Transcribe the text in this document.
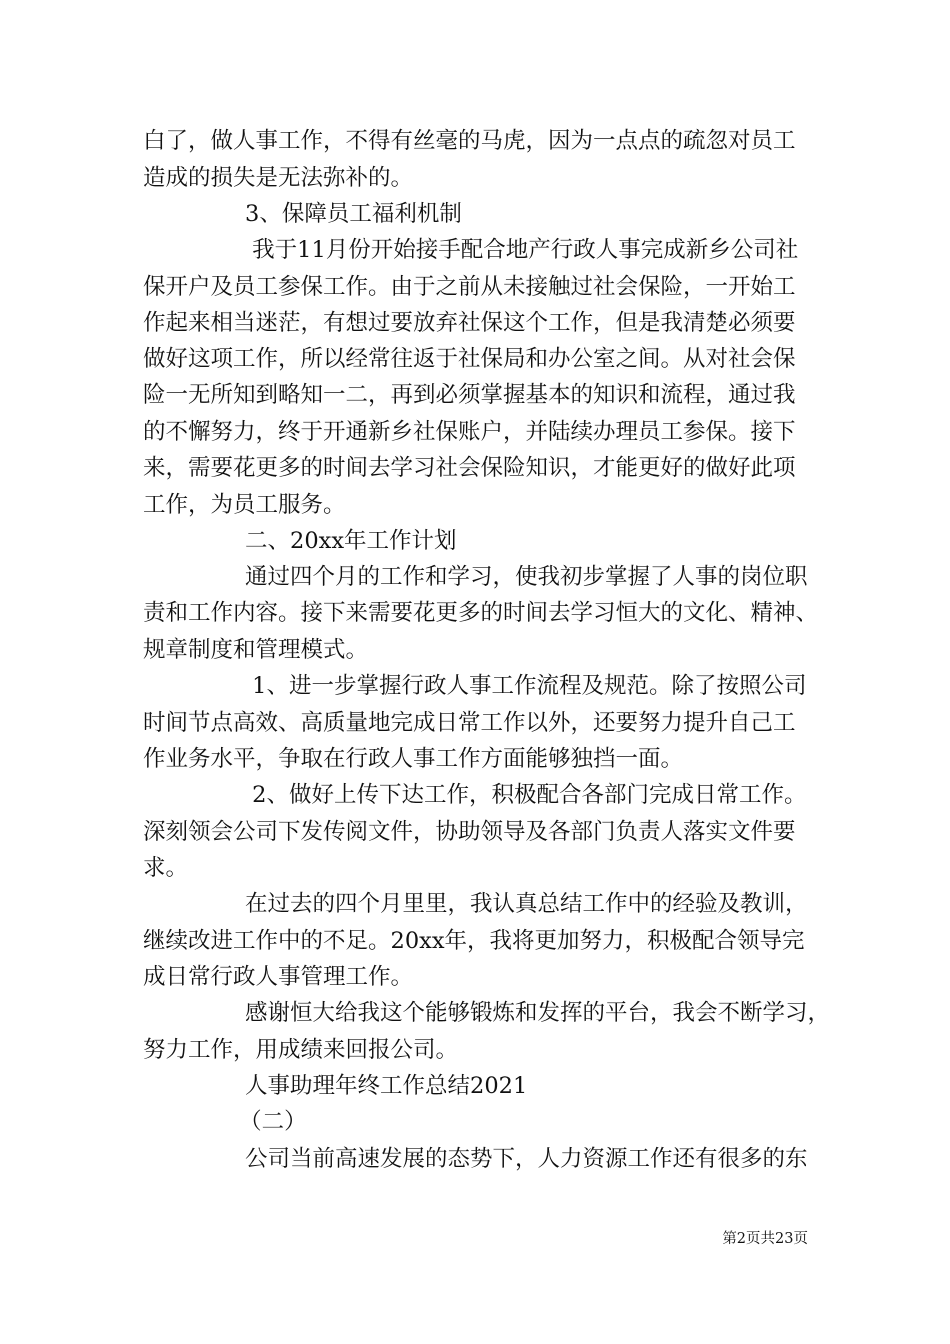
白了，做人事工作，不得有丝毫的马虎，因为一点点的疏忽对员工
造成的损失是无法弥补的。
3、保障员工福利机制
我于11月份开始接手配合地产行政人事完成新乡公司社
保开户及员工参保工作。由于之前从未接触过社会保险，一开始工
作起来相当迷茫，有想过要放弃社保这个工作，但是我清楚必须要
做好这项工作，所以经常往返于社保局和办公室之间。从对社会保
险一无所知到略知一二，再到必须掌握基本的知识和流程，通过我
的不懈努力，终于开通新乡社保账户，并陆续办理员工参保。接下
来，需要花更多的时间去学习社会保险知识，才能更好的做好此项
工作，为员工服务。
二、20xx年工作计划
通过四个月的工作和学习，使我初步掌握了人事的岗位职
责和工作内容。接下来需要花更多的时间去学习恒大的文化、精神、
规章制度和管理模式。
1、进一步掌握行政人事工作流程及规范。除了按照公司
时间节点高效、高质量地完成日常工作以外，还要努力提升自己工
作业务水平，争取在行政人事工作方面能够独挡一面。
2、做好上传下达工作，积极配合各部门完成日常工作。
深刻领会公司下发传阅文件，协助领导及各部门负责人落实文件要
求。
在过去的四个月里里，我认真总结工作中的经验及教训，
继续改进工作中的不足。20xx年，我将更加努力，积极配合领导完
成日常行政人事管理工作。
感谢恒大给我这个能够锻炼和发挥的平台，我会不断学习，
努力工作，用成绩来回报公司。
人事助理年终工作总结2021
（二）
公司当前高速发展的态势下，人力资源工作还有很多的东
第2页共23页
